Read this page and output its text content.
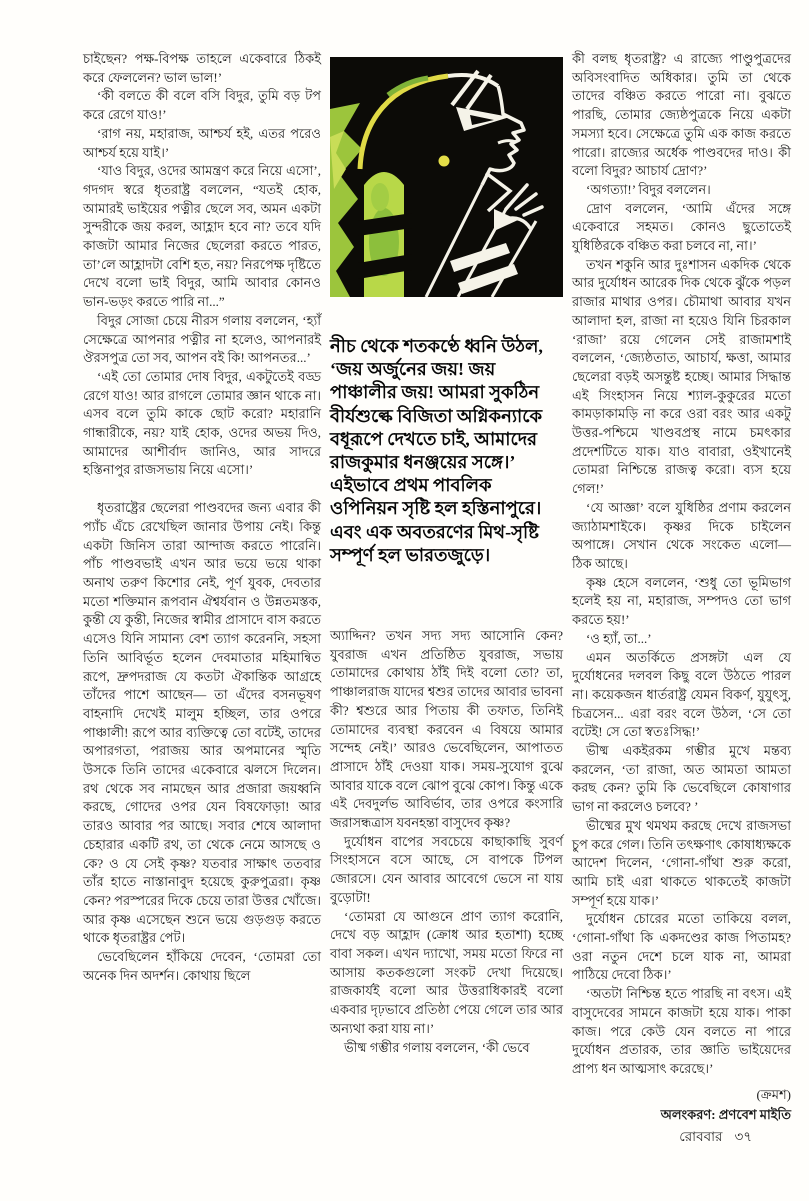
চাইছেন? পক্ষ-বিপক্ষ তাহলে একেবারে ঠিকই করে ফেললেন? ভাল ভাল!’

‘কী বলতে কী বলে বসি বিদুর, তুমি বড় টপ করে রেগে যাও!’

‘রাগ নয়, মহারাজ, আশ্চর্য হই, এতর পরেও আশ্চর্য হয়ে যাই।’

‘যাও বিদুর, ওদের আমন্ত্রণ করে নিয়ে এসো’, গদগদ স্বরে ধৃতরাষ্ট্র বললেন, “যতই হোক, আমারই ভাইয়ের পত্নীর ছেলে সব, অমন একটা সুন্দরীকে জয় করল, আহ্লাদ হবে না? তবে যদি কাজটা আমার নিজের ছেলেরা করতে পারত, তা’লে আহ্লাদটা বেশি হত, নয়? নিরপেক্ষ দৃষ্টিতে দেখে বলো ভাই বিদুর, আমি আবার কোনও ভান-ভড়ং করতে পারি না...”

বিদুর সোজা চেয়ে নীরস গলায় বললেন, ‘হ্যাঁ সেক্ষেত্রে আপনার পত্নীর না হলেও, আপনারই ঔরসপুত্র তো সব, আপন বই কি! আপনতর...’

‘এই তো তোমার দোষ বিদুর, একটুতেই বড্ড রেগে যাও! আর রাগলে তোমার জ্ঞান থাকে না। এসব বলে তুমি কাকে ছোট করো? মহারানি গান্ধারীকে, নয়? যাই হোক, ওদের অভয় দিও, আমাদের আশীর্বাদ জানিও, আর সাদরে হস্তিনাপুর রাজসভায় নিয়ে এসো।’

ধৃতরাষ্ট্রের ছেলেরা পাণ্ডবদের জন্য এবার কী প্যাঁচ এঁচে রেখেছিল জানার উপায় নেই। কিন্তু একটা জিনিস তারা আন্দাজ করতে পারেনি। পাঁচ পাণ্ডবভাই এখন আর ভয়ে ভয়ে থাকা অনাথ তরুণ কিশোর নেই, পূর্ণ যুবক, দেবতার মতো শক্তিমান রূপবান ঐশ্বর্যবান ও উন্নতমস্তক, কুন্তী যে কুন্তী, নিজের স্বামীর প্রাসাদে বাস করতে এসেও যিনি সামান্য বেশ ত্যাগ করেননি, সহসা তিনি আবির্ভূত হলেন দেবমাতার মহিমান্বিত রূপে, দ্রুপদরাজ যে কতটা ঐকান্তিক আগ্রহে তাঁদের পাশে আছেন— তা এঁদের বসনভূষণ বাহনাদি দেখেই মালুম হচ্ছিল, তার ওপরে পাঞ্চালী! রূপে আর ব্যক্তিত্বে তো বটেই, তাদের অপারগতা, পরাজয় আর অপমানের স্মৃতি উসকে তিনি তাদের একেবারে ঝলসে দিলেন। রথ থেকে সব নামছেন আর প্রজারা জয়ধ্বনি করছে, গোদের ওপর যেন বিষফোড়া! আর তারও আবার পর আছে। সবার শেষে আলাদা চেহারার একটি রথ, তা থেকে নেমে আসছে ও কে? ও যে সেই কৃষ্ণ? যতবার সাক্ষাৎ ততবার তাঁর হাতে নাস্তানাবুদ হয়েছে কুরুপুত্ররা। কৃষ্ণ কেন? পরস্পরের দিকে চেয়ে তারা উত্তর খোঁজে। আর কৃষ্ণ এসেছেন শুনে ভয়ে গুড়গুড় করতে থাকে ধৃতরাষ্ট্রর পেট।

ভেবেছিলেন হাঁকিয়ে দেবেন, ‘তোমরা তো অনেক দিন অদর্শন। কোথায় ছিলে

নীচ থেকে শতকণ্ঠে ধ্বনি উঠল, ‘জয় অর্জুনের জয়! জয় পাঞ্চালীর জয়! আমরা সুকঠিন বীর্যশুল্কে বিজিতা অগ্নিকন্যাকে বধূরূপে দেখতে চাই, আমাদের রাজকুমার ধনঞ্জয়ের সঙ্গে।’ এইভাবে প্রথম পাবলিক ওপিনিয়ন সৃষ্টি হল হস্তিনাপুরে। এবং এক অবতরণের মিথ-সৃষ্টি সম্পূর্ণ হল ভারতজুড়ে।

অ্যাদ্দিন? তখন সদ্য সদ্য আসোনি কেন? যুবরাজ এখন প্রতিষ্ঠিত যুবরাজ, সভায় তোমাদের কোথায় ঠাঁই দিই বলো তো? তা, পাঞ্চালরাজ যাদের শ্বশুর তাদের আবার ভাবনা কী? শ্বশুরে আর পিতায় কী তফাত, তিনিই তোমাদের ব্যবস্থা করবেন এ বিষয়ে আমার সন্দেহ নেই।’ আরও ভেবেছিলেন, আপাতত প্রাসাদে ঠাঁই দেওয়া যাক। সময়-সুযোগ বুঝে আবার যাকে বলে ঝোপ বুঝে কোপ। কিন্তু একে এই দেবদুর্লভ আবির্ভাব, তার ওপরে কংসারি জরাসন্ধত্রাস যবনহন্তা বাসুদেব কৃষ্ণ?

দুর্যোধন বাপের সবচেয়ে কাছাকাছি সুবর্ণ সিংহাসনে বসে আছে, সে বাপকে টিপল জোরসে। যেন আবার আবেগে ভেসে না যায় বুড়োটা!

‘তোমরা যে আগুনে প্রাণ ত্যাগ করোনি, দেখে বড় আহ্লাদ (ক্রোধ আর হতাশা) হচ্ছে বাবা সকল। এখন দ্যাখো, সময় মতো ফিরে না আসায় কতকগুলো সংকট দেখা দিয়েছে। রাজকার্যই বলো আর উত্তরাধিকারই বলো একবার দৃঢ়ভাবে প্রতিষ্ঠা পেয়ে গেলে তার আর অন্যথা করা যায় না।’

ভীষ্ম গম্ভীর গলায় বললেন, ‘কী ভেবে

কী বলছ ধৃতরাষ্ট্র? এ রাজ্যে পাণ্ডুপুত্রদের অবিসংবাদিত অধিকার। তুমি তা থেকে তাদের বঞ্চিত করতে পারো না। বুঝতে পারছি, তোমার জ্যেষ্ঠপুত্রকে নিয়ে একটা সমস্যা হবে। সেক্ষেত্রে তুমি এক কাজ করতে পারো। রাজ্যের অর্ধেক পাণ্ডবদের দাও। কী বলো বিদুর? আচার্য দ্রোণ?’

‘অগত্যা!’ বিদুর বললেন।

দ্রোণ বললেন, ‘আমি এঁদের সঙ্গে একেবারে সহমত। কোনও ছুতোতেই যুধিষ্ঠিরকে বঞ্চিত করা চলবে না, না।’

তখন শকুনি আর দুঃশাসন একদিক থেকে আর দুর্যোধন আরেক দিক থেকে ঝুঁকে পড়ল রাজার মাথার ওপর। চৌমাথা আবার যখন আলাদা হল, রাজা না হয়েও যিনি চিরকাল ‘রাজা’ রয়ে গেলেন সেই রাজামশাই বললেন, ‘জ্যেষ্ঠতাত, আচার্য, ক্ষত্তা, আমার ছেলেরা বড়ই অসন্তুষ্ট হচ্ছে। আমার সিদ্ধান্ত এই সিংহাসন নিয়ে শ্যাল-কুকুরের মতো কামড়াকামড়ি না করে ওরা বরং আর একটু উত্তর-পশ্চিমে খাণ্ডবপ্রস্থ নামে চমৎকার প্রদেশটিতে যাক। যাও বাবারা, ওইখানেই তোমরা নিশ্চিন্তে রাজত্ব করো। ব্যস হয়ে গেল!’

‘যে আজ্ঞা’ বলে যুধিষ্ঠির প্রণাম করলেন জ্যাঠামশাইকে। কৃষ্ণর দিকে চাইলেন অপাঙ্গে। সেখান থেকে সংকেত এলো— ঠিক আছে।

কৃষ্ণ হেসে বললেন, ‘শুধু তো ভূমিভাগ হলেই হয় না, মহারাজ, সম্পদও তো ভাগ করতে হয়!’

‘ও হ্যাঁ, তা...’

এমন অতর্কিতে প্রসঙ্গটা এল যে দুর্যোধনের দলবল কিছু বলে উঠতে পারল না। কয়েকজন ধার্তরাষ্ট্র যেমন বিকর্ণ, যুযুৎসু, চিত্রসেন... এরা বরং বলে উঠল, ‘সে তো বটেই! সে তো স্বতঃসিদ্ধ!’

ভীষ্ম একইরকম গম্ভীর মুখে মন্তব্য করলেন, ‘তা রাজা, অত আমতা আমতা করছ কেন? তুমি কি ভেবেছিলে কোষাগার ভাগ না করলেও চলবে? ’

ভীষ্মের মুখ থমথম করছে দেখে রাজসভা চুপ করে গেল। তিনি তৎক্ষণাৎ কোষাধ্যক্ষকে আদেশ দিলেন, ‘গোনা-গাঁথা শুরু করো, আমি চাই এরা থাকতে থাকতেই কাজটা সম্পূর্ণ হয়ে যাক।’

দুর্যোধন চোরের মতো তাকিয়ে বলল, ‘গোনা-গাঁথা কি একদণ্ডের কাজ পিতামহ? ওরা নতুন দেশে চলে যাক না, আমরা পাঠিয়ে দেবো ঠিক।’

‘অতটা নিশ্চিন্ত হতে পারছি না বৎস। এই বাসুদেবের সামনে কাজটা হয়ে যাক। পাকা কাজ। পরে কেউ যেন বলতে না পারে দুর্যোধন প্রতারক, তার জ্ঞাতি ভাইয়েদের প্রাপ্য ধন আত্মসাৎ করেছে।’

(ক্রমশ)

অলংকরণ: প্রণবেশ মাইতি

রোববার ৩৭
